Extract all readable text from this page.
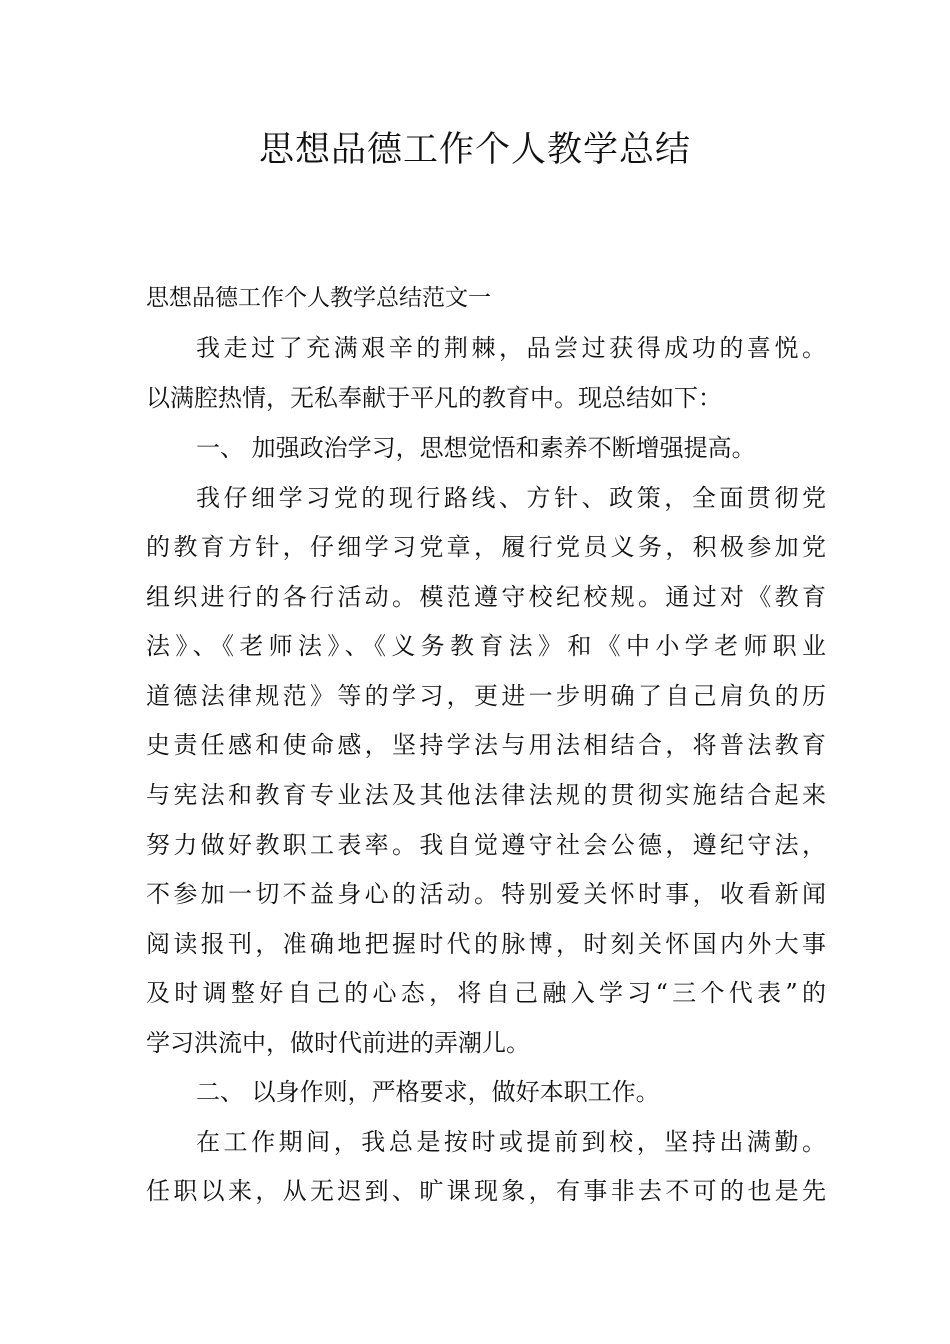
思想品德工作个人教学总结

思想品德工作个人教学总结范文一

我走过了充满艰辛的荆棘，品尝过获得成功的喜悦。

以满腔热情，无私奉献于平凡的教育中。现总结如下：

一、 加强政治学习，思想觉悟和素养不断增强提高。

我仔细学习党的现行路线、方针、政策，全面贯彻党

的教育方针，仔细学习党章，履行党员义务，积极参加党

组织进行的各行活动。模范遵守校纪校规。通过对《教育

法》、《老师法》、《义务教育法》和《中小学老师职业

道德法律规范》等的学习，更进一步明确了自己肩负的历

史责任感和使命感，坚持学法与用法相结合，将普法教育

与宪法和教育专业法及其他法律法规的贯彻实施结合起来

努力做好教职工表率。我自觉遵守社会公德，遵纪守法，

不参加一切不益身心的活动。特别爱关怀时事，收看新闻

阅读报刊，准确地把握时代的脉博，时刻关怀国内外大事

及时调整好自己的心态，将自己融入学习“三个代表”的

学习洪流中，做时代前进的弄潮儿。

二、 以身作则，严格要求，做好本职工作。

在工作期间，我总是按时或提前到校，坚持出满勤。

任职以来，从无迟到、旷课现象，有事非去不可的也是先
